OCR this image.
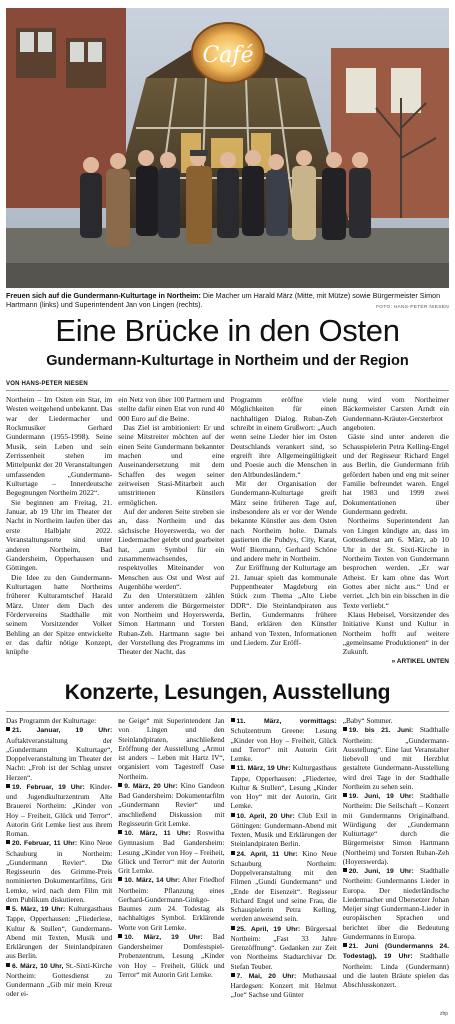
Café
Freuen sich auf die Gundermann-Kulturtage in Northeim: Die Macher um Harald März (Mitte, mit Mütze) sowie Bürgermeister Simon Hartmann (links) und Superintendent Jan von Lingen (rechts).	FOTO: HANS-PETER NIESEN
Eine Brücke in den Osten
Gundermann-Kulturtage in Northeim und der Region
VON HANS-PETER NIESEN

Northeim – Im Osten ein Star, im Westen weitgehend unbekannt. Das war der Liedermacher und Rockmusiker Gerhard Gundermann (1955-1998). Seine Musik, sein Leben und sein Zerrissenheit stehen im Mittelpunkt der 20 Veranstaltungen umfassenden „Gundermann-Kulturtage – Innerdeutsche Begegnungen Northeim 2022“.

Sie beginnen am Freitag, 21. Januar, ab 19 Uhr im Theater der Nacht in Northeim laufen über das erste Halbjahr 2022. Veranstaltungsorte sind unter anderen Northeim, Bad Gandersheim, Opperhausen und Göttingen.

Die Idee zu den Gundermann-Kulturtagen hatte Northeims früherer Kulturamtschef Harald März. Unter dem Dach des Fördervereins Stadthalle mit seinem Vorsitzender Volker Behling an der Spitze entwickelte er das daftir nötige Konzept, knüpfte

ein Netz von über 100 Partnern und stellte dafür einen Etat von rund 40 000 Euro auf die Beine.

Das Ziel ist ambitioniert: Er und seine Mitstreiter möchten auf der einen Seite Gundermann bekannter machen und eine Auseinandersetzung mit dem Schaffen des wegen seiner zeitweisen Stasi-Mitarbeit auch umstrittenen Künstlers ermöglichen.

Auf der anderen Seite streben sie an, dass Northeim und das sächsische Hoyerswerda, wo der Liedermacher gelebt und gearbeitet hat, „zum Symbol für ein zusammenwachsendes, respektvolles Miteinander von Menschen aus Ost und West auf Augenhöhe werden“.

Zu den Unterstützern zählen unter anderem die Bürgermeister von Northeim und Hoyerswerda, Simon Hartmann und Torsten Ruban-Zeh. Hartmann sagte bei der Vorstellung des Programms im Theater der Nacht, das

Programm eröffne viele Möglichkeiten für einen nachhaltigen Dialog. Ruban-Zeh schreibt in einem Grußwort: „Auch wenn seine Lieder hier im Osten Deutschlands verankert sind, so ergreift ihre Allgemeingültigkeit und Poesie auch die Menschen in den Altbundesländern.“

Mit der Organisation der Gundermann-Kulturtage greift März seine früheren Tage auf, insbesondere als er vor der Wende bekannte Künstler aus dem Osten nach Northeim holte. Damals gastierten die Puhdys, City, Karat, Wolf Biermann, Gerhard Schöne und andere mehr in Northeim.

Zur Eröffnung der Kulturtage am 21. Januar spielt das kommunale Puppentheater Magdeburg ein Stück zum Thema „Alte Liebe DDR“. Die Steinlandpiraten aus Berlin, Gundermanns frühere Band, erklären den Künstler anhand von Texten, Informationen und Liedern. Zur Eröff-

nung wird vom Northeimer Bäckermeister Carsten Arndt ein Gundermann-Kräuter-Gersterbrot angeboten.

Gäste sind unter anderen die Schauspielerin Petra Kelling-Engel und der Regisseur Richard Engel aus Berlin, die Gundermann früh gefördert haben und eng mit seiner Familie befreundet waren. Engel hat 1983 und 1999 zwei Dokumentationen über Gundermann gedreht.

Northeims Superintendent Jan von Lingen kündigte an, dass im Gottesdienst am 6. März, ab 10 Uhr in der St. Sixti-Kirche in Northeim Texten von Gundermann besprochen werden. „Er war Atheist. Er kam ohne das Wort Gottes aber nicht aus.“ Und er verriet. „Ich bin ein bisschen in die Texte verliebt.“

Klaus Hebeisel, Vorsitzender des Initiative Kunst und Kultur in Northeim hofft auf weitere „gemeinsame Produktionen“ in der Zukunft.

» ARTIKEL UNTEN
Konzerte, Lesungen, Ausstellung

Das Programm der Kulturtage:

21. Januar, 19 Uhr: Auftaktveranstaltung der „Gundermann Kulturtage“, Doppelveranstaltung im Theater der Nacht: „Froh ist der Schlag unsrer Herzen“.

19. Februar, 19 Uhr: Kinder- und Jugendkulturzentrum Alte Brauerei Northeim: „Kinder von Hoy – Freiheit, Glück und Terror“. Autorin Grit Lemke liest aus ihrem Roman.

20. Februar, 11 Uhr: Kino Neue Schauburg in Northeim: „Gundermann Revier“. Die Regisseurin des Grimme-Preis nominierten Dokumentarfilms, Grit Lemke, wird nach dem Film mit dem Publikum diskutieren.

5. März, 19 Uhr: Kulturgasthaus Tappe, Opperhausen: „Fliederlese, Kultur & Stullen“, Gundermann-Abend mit Texten, Musik und Erklärungen der Steinlandpiraten aus Berlin.

6. März, 10 Uhr, St.-Sixti-Kirche Northeim: Gottesdienst zu Gundermann „Gib mir mein Kreuz oder ei-

ne Geige“ mit Superintendent Jan von Lingen und den Steinlandpiraten, anschließend Eröffnung der Ausstellung „Armut ist anders – Leben mit Hartz IV“, organisiert vom Tagestreff Oase Northeim.

9. März, 20 Uhr: Kino Gandeon Bad Gandersheim: Dokumentarfilm „Gundermann Revier“ und anschließend Diskussion mit Regisseurin Grit Lemke.

10. März, 11 Uhr: Roswitha Gymnasium Bad Gandersheim: Lesung „Kinder von Hoy – Freiheit, Glück und Terror“ mit der Autorin Grit Lemke.

10. März, 14 Uhr: Alter Friedhof Northeim: Pflanzung eines Gerhard-Gundermann-Ginkgo-Baumes zum 24. Todestag als nachhaltiges Symbol. Erklärende Worte von Grit Lemke.

10. März, 19 Uhr: Bad Gandersheimer Domfestspiel-Probenzentrum, Lesung „Kinder von Hoy – Freiheit, Glück und Terror“ mit Autorin Grit Lemke.

11. März, vormittags: Schulzentrum Greene: Lesung „Kinder von Hoy – Freiheit, Glück und Terror“ mit Autorin Grit Lemke.

11. März, 19 Uhr: Kulturgasthaus Tappe, Opperhausen: „Fliedertee, Kultur & Stullen“, Lesung „Kinder von Hoy“ mit der Autorin, Grit Lemke.

10. April, 20 Uhr: Club Exil in Göttingen: Gundermann-Abend mit Texten, Musik und Erklärungen der Steinlandpiraten Berlin.

24. April, 11 Uhr: Kino Neue Schauburg Northeim: Doppelveranstaltung mit den Filmen „Gundi Gundermann“ und „Ende der Eisenzeit“. Regisseur Richard Engel und seine Frau, die Schauspielerin Petra Kelling, werden anwesend sein.

25. April, 19 Uhr: Bürgersaal Northeim: „Fast 33 Jahre Grenzöffnung“. Gedanken zur Zeit von Northeims Stadtarchivar Dr. Stefan Teuber.

7. Mai, 20 Uhr: Muthausaal Hardegsen: Konzert mit Helmut „Joe“ Sachse und Günter

„Baby“ Sommer.

19. bis 21. Juni: Stadthalle Northeim: „Gundermann-Ausstellung“. Eine laut Veranstalter liebevoll und mit Herzblut gestaltete Gundermann-Ausstellung wird drei Tage in der Stadthalle Northeim zu sehen sein.

19. Juni, 19 Uhr: Stadthalle Northeim: Die Seilschaft – Konzert mit Gundermanns Originalband. Würdigung der „Gundermann Kulturtage“ durch die Bürgermeister Simon Hartmann (Northeim) und Torsten Ruban-Zeh (Hoyerswerda).

20. Juni, 19 Uhr: Stadthalle Northeim: Gundermanns Lieder in Europa. Der niederländische Liedermacher und Übersetzer Johan Meijer singt Gundermann-Lieder in europäischen Sprachen und berichtet über die Bedeutung Gundermanns in Europa.

21. Juni (Gundermanns 24. Todestag), 19 Uhr: Stadthalle Northeim: Linda (Gundermann) und die lauten Bräute spielen das Abschlusskonzert.

zhp
